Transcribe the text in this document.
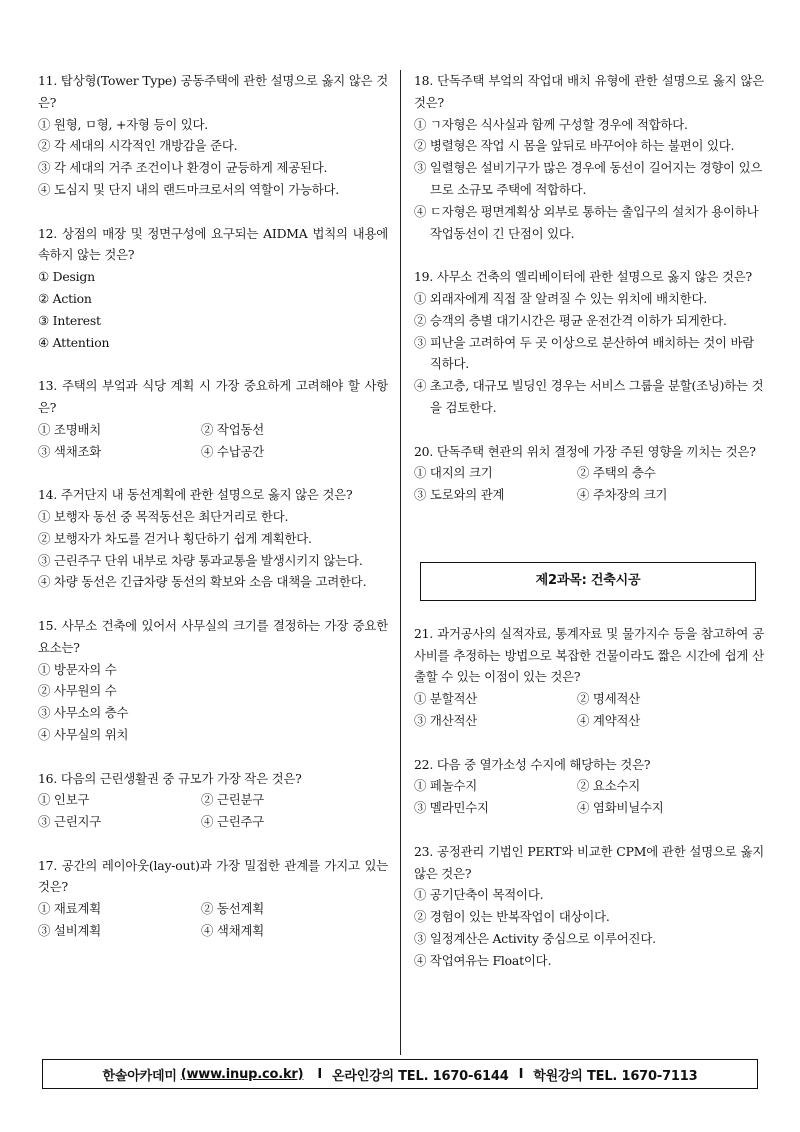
11. 탑상형(Tower Type) 공동주택에 관한 설명으로 옳지 않은 것은?
① 원형, ㅁ형, +자형 등이 있다.
② 각 세대의 시각적인 개방감을 준다.
③ 각 세대의 거주 조건이나 환경이 균등하게 제공된다.
④ 도심지 및 단지 내의 랜드마크로서의 역할이 가능하다.
12. 상점의 매장 및 정면구성에 요구되는 AIDMA 법칙의 내용에 속하지 않는 것은?
① Design
② Action
③ Interest
④ Attention
13. 주택의 부엌과 식당 계획 시 가장 중요하게 고려해야 할 사항은?
① 조명배치	② 작업동선
③ 색채조화	④ 수납공간
14. 주거단지 내 동선계획에 관한 설명으로 옳지 않은 것은?
① 보행자 동선 중 목적동선은 최단거리로 한다.
② 보행자가 차도를 걷거나 횡단하기 쉽게 계획한다.
③ 근린주구 단위 내부로 차량 통과교통을 발생시키지 않는다.
④ 차량 동선은 긴급차량 동선의 확보와 소음 대책을 고려한다.
15. 사무소 건축에 있어서 사무실의 크기를 결정하는 가장 중요한 요소는?
① 방문자의 수
② 사무원의 수
③ 사무소의 층수
④ 사무실의 위치
16. 다음의 근린생활권 중 규모가 가장 작은 것은?
① 인보구	② 근린분구
③ 근린지구	④ 근린주구
17. 공간의 레이아웃(lay-out)과 가장 밀접한 관계를 가지고 있는 것은?
① 재료계획	② 동선계획
③ 설비계획	④ 색채계획
18. 단독주택 부엌의 작업대 배치 유형에 관한 설명으로 옳지 않은 것은?
① ㄱ자형은 식사실과 함께 구성할 경우에 적합하다.
② 병렬형은 작업 시 몸을 앞뒤로 바꾸어야 하는 불편이 있다.
③ 일렬형은 설비기구가 많은 경우에 동선이 길어지는 경향이 있으므로 소규모 주택에 적합하다.
④ ㄷ자형은 평면계획상 외부로 통하는 출입구의 설치가 용이하나 작업동선이 긴 단점이 있다.
19. 사무소 건축의 엘리베이터에 관한 설명으로 옳지 않은 것은?
① 외래자에게 직접 잘 알려질 수 있는 위치에 배치한다.
② 승객의 층별 대기시간은 평균 운전간격 이하가 되게한다.
③ 피난을 고려하여 두 곳 이상으로 분산하여 배치하는 것이 바람직하다.
④ 초고층, 대규모 빌딩인 경우는 서비스 그룹을 분할(조닝)하는 것을 검토한다.
20. 단독주택 현관의 위치 결정에 가장 주된 영향을 끼치는 것은?
① 대지의 크기	② 주택의 층수
③ 도로와의 관계	④ 주차장의 크기
제2과목: 건축시공
21. 과거공사의 실적자료, 통계자료 및 물가지수 등을 참고하여 공사비를 추정하는 방법으로 복잡한 건물이라도 짧은 시간에 쉽게 산출할 수 있는 이점이 있는 것은?
① 분할적산	② 명세적산
③ 개산적산	④ 계약적산
22. 다음 중 열가소성 수지에 해당하는 것은?
① 페놀수지	② 요소수지
③ 멜라민수지	④ 염화비닐수지
23. 공정관리 기법인 PERT와 비교한 CPM에 관한 설명으로 옳지 않은 것은?
① 공기단축이 목적이다.
② 경험이 있는 반복작업이 대상이다.
③ 일정계산은 Activity 중심으로 이루어진다.
④ 작업여유는 Float이다.
한솔아카데미 (www.inup.co.kr) I 온라인강의 TEL. 1670-6144 I 학원강의 TEL. 1670-7113
